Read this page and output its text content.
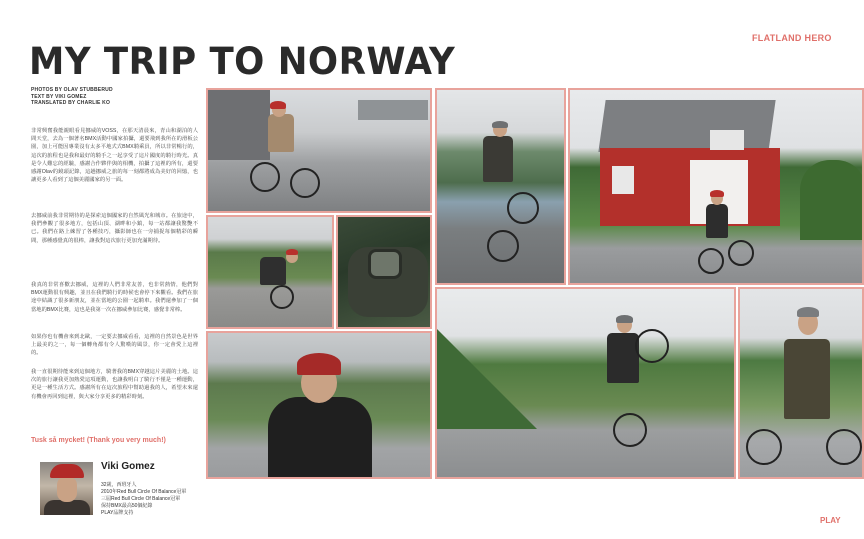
FLATLAND HERO
MY TRIP TO NORWAY
PHOTOS BY OLAV STUBBERUD
TEXT BY VIKI GOMEZ
TRANSLATED BY CHARLIE KO

非常興奮我能親眼看見挪威的VOSS，在那天清晨來，青山和湖泊的人間天堂，去為一個著名BMX活動中國家拍攝，還要飛到我所在的滑板公園，加上可能因專業沒有太多平地式式BMX騎乘員，所以非常暢行的，這次的旅程也是我和最好的騎手之一起享受了這片國度的騎行時光。真是令人難忘的經驗，感謝合作夥伴與的相機，拍攝了這裡的所有，還要感謝Olav的鏡頭記錄，這趟挪威之旅的每一刻都將成為美好的回憶，也讓更多人看到了這個美麗國家的另一面。

去挪威前我非常期待的是探索這個國家的自然風光和城市。在旅途中，我們參觀了很多地方，包括山頂、湖畔和小鎮，每一站都讓我驚艷不已。我們在路上練習了各種技巧，攝影師也在一旁捕捉每個精彩的瞬間，那種感覺真的很棒，讓我對這次旅行更加充滿期待。

我真的非常喜歡去挪威，這裡的人們非常友善，也非常熱情，他們對BMX運動很有興趣，並且在我們騎行的時候也會停下來觀看。我們在旅途中結識了很多新朋友，並在當地的公園一起騎車。我們還參加了一個當地的BMX比賽，這也是我第一次在挪威參加比賽，感覺非常棒。

如果你也有機會來到北歐，一定要去挪威看看，這裡的自然景色是世界上最美的之一，每一個轉角都有令人驚嘆的風景，你一定會愛上這裡的。

我一直很期待能來到這個地方，騎著我的BMX穿越這片美麗的土地。這次的旅行讓我更加熱愛這項運動，也讓我明白了騎行不僅是一種運動，更是一種生活方式。感謝所有在這次旅程中幫助過我的人，希望未來還有機會再回到這裡，與大家分享更多的精彩時刻。

Tusk så mycket! (Thank you very much!)
Viki Gomez
32歲，西班牙人
2010年Red Bull Circle Of Balance冠軍
三屆Red Bull Circle Of Balance冠軍
保持BMX最高50個紀錄
PLAY品牌支持
PLAY
